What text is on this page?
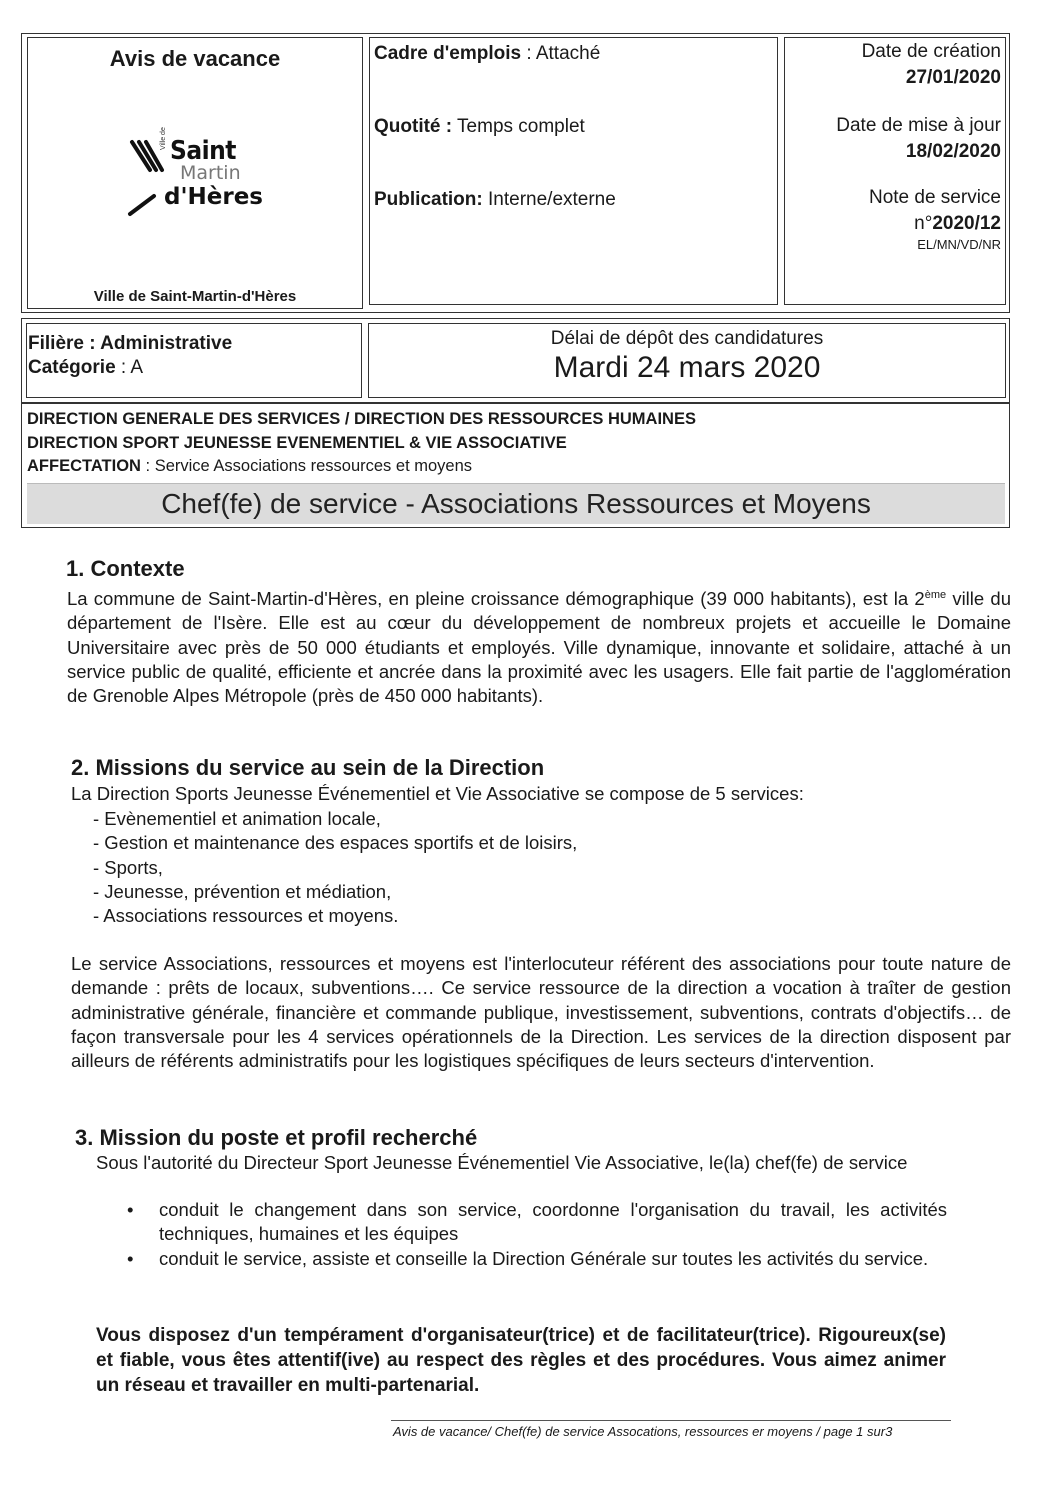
Avis de vacance
Ville de Saint
Martin
d'Hères
Ville de Saint-Martin-d'Hères
Cadre d'emplois : Attaché
Quotité : Temps complet
Publication: Interne/externe
Date de création
27/01/2020
Date de mise à jour
18/02/2020
Note de service
n°2020/12
EL/MN/VD/NR
Filière : Administrative
Catégorie : A
Délai de dépôt des candidatures
Mardi 24 mars 2020
DIRECTION GENERALE DES SERVICES / DIRECTION DES RESSOURCES HUMAINES
DIRECTION SPORT JEUNESSE EVENEMENTIEL & VIE ASSOCIATIVE
AFFECTATION : Service Associations ressources et moyens
Chef(fe) de service - Associations Ressources et Moyens
1. Contexte

La commune de Saint-Martin-d'Hères, en pleine croissance démographique (39 000 habitants), est la 2ème ville du département de l'Isère. Elle est au cœur du développement de nombreux projets et accueille le Domaine Universitaire avec près de 50 000 étudiants et employés. Ville dynamique, innovante et solidaire, attaché à un service public de qualité, efficiente et ancrée dans la proximité avec les usagers. Elle fait partie de l'agglomération de Grenoble Alpes Métropole (près de 450 000 habitants).

2. Missions du service au sein de la Direction
La Direction Sports Jeunesse Événementiel et Vie Associative se compose de 5 services:
- Evènementiel et animation locale,
- Gestion et maintenance des espaces sportifs et de loisirs,
- Sports,
- Jeunesse, prévention et médiation,
- Associations ressources et moyens.

Le service Associations, ressources et moyens est l'interlocuteur référent des associations pour toute nature de demande : prêts de locaux, subventions…. Ce service ressource de la direction a vocation à traîter de gestion administrative générale, financière et commande publique, investissement, subventions, contrats d'objectifs… de façon transversale pour les 4 services opérationnels de la Direction. Les services de la direction disposent par ailleurs de référents administratifs pour les logistiques spécifiques de leurs secteurs d'intervention.

3. Mission du poste et profil recherché
Sous l'autorité du Directeur Sport Jeunesse Événementiel Vie Associative, le(la) chef(fe) de service
•	conduit le changement dans son service, coordonne l'organisation du travail, les activités techniques, humaines et les équipes
•	conduit le service, assiste et conseille la Direction Générale sur toutes les activités du service.
Vous disposez d'un tempérament d'organisateur(trice) et de facilitateur(trice). Rigoureux(se) et fiable, vous êtes attentif(ive) au respect des règles et des procédures. Vous aimez animer un réseau et travailler en multi-partenarial.
Avis de vacance/ Chef(fe) de service Assocations, ressources er moyens / page 1 sur3
